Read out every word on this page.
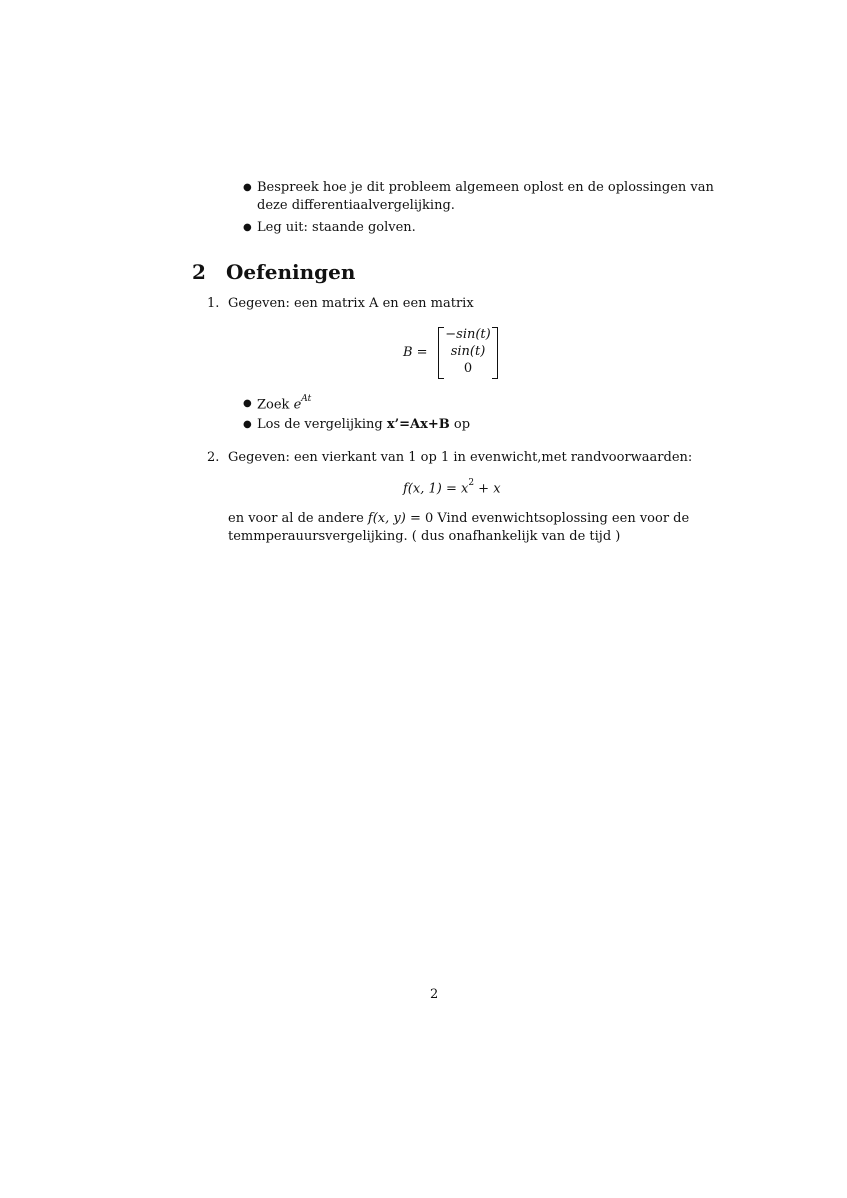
● Bespreek hoe je dit probleem algemeen oplost en de oplossingen van
deze differentiaalvergelijking.
● Leg uit: staande golven.
2 Oefeningen
1. Gegeven: een matrix A en een matrix
B =
−sin(t)
sin(t)
0
● Zoek $e^{At}$
● Los de vergelijking x’=Ax+B op
2. Gegeven: een vierkant van 1 op 1 in evenwicht,met randvoorwaarden:
f(x, $1) = x^2 + x$
en voor al de andere f(x, y) = 0 Vind evenwichtsoplossing een voor de
temmperauursvergelijking. ( dus onafhankelijk van de tijd )
2
